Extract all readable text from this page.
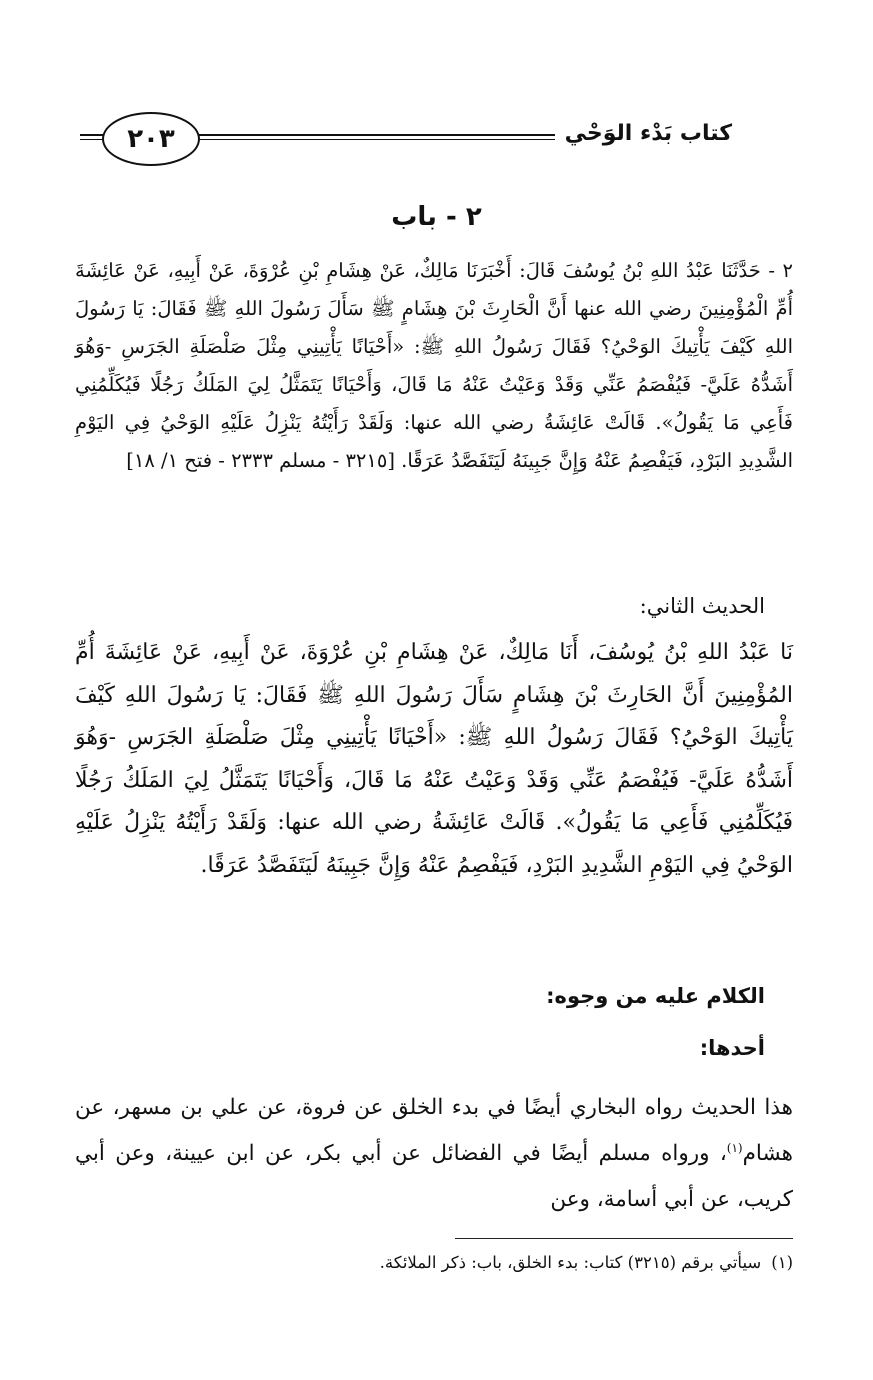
كتاب بَدْء الوَحْي
٢٠٣
٢ - باب
٢ - حَدَّثَنَا عَبْدُ اللهِ بْنُ يُوسُفَ قَالَ: أَخْبَرَنَا مَالِكٌ، عَنْ هِشَامِ بْنِ عُرْوَةَ، عَنْ أَبِيهِ، عَنْ عَائِشَةَ أُمِّ الْمُؤْمِنِينَ رضي الله عنها أَنَّ الْحَارِثَ بْنَ هِشَامٍ ﷺ سَأَلَ رَسُولَ اللهِ ﷺ فَقَالَ: يَا رَسُولَ اللهِ كَيْفَ يَأْتِيكَ الوَحْيُ؟ فَقَالَ رَسُولُ اللهِ ﷺ: «أَحْيَانًا يَأْتِينِي مِثْلَ صَلْصَلَةِ الجَرَسِ -وَهُوَ أَشَدُّهُ عَلَيَّ- فَيُفْصَمُ عَنِّي وَقَدْ وَعَيْتُ عَنْهُ مَا قَالَ، وَأَحْيَانًا يَتَمَثَّلُ لِيَ المَلَكُ رَجُلًا فَيُكَلِّمُنِي فَأَعِي مَا يَقُولُ». قَالَتْ عَائِشَةُ رضي الله عنها: وَلَقَدْ رَأَيْتُهُ يَنْزِلُ عَلَيْهِ الوَحْيُ فِي اليَوْمِ الشَّدِيدِ البَرْدِ، فَيَفْصِمُ عَنْهُ وَإِنَّ جَبِينَهُ لَيَتَفَصَّدُ عَرَقًا. [٣٢١٥ - مسلم ٢٣٣٣ - فتح ١/ ١٨]
الحديث الثاني:
نَا عَبْدُ اللهِ بْنُ يُوسُفَ، أَنَا مَالِكٌ، عَنْ هِشَامِ بْنِ عُرْوَةَ، عَنْ أَبِيهِ، عَنْ عَائِشَةَ أُمِّ المُؤْمِنِينَ أَنَّ الحَارِثَ بْنَ هِشَامٍ سَأَلَ رَسُولَ اللهِ ﷺ فَقَالَ: يَا رَسُولَ اللهِ كَيْفَ يَأْتِيكَ الوَحْيُ؟ فَقَالَ رَسُولُ اللهِ ﷺ: «أَحْيَانًا يَأْتِينِي مِثْلَ صَلْصَلَةِ الجَرَسِ -وَهُوَ أَشَدُّهُ عَلَيَّ- فَيُفْصَمُ عَنِّي وَقَدْ وَعَيْتُ عَنْهُ مَا قَالَ، وَأَحْيَانًا يَتَمَثَّلُ لِيَ المَلَكُ رَجُلًا فَيُكَلِّمُنِي فَأَعِي مَا يَقُولُ». قَالَتْ عَائِشَةُ رضي الله عنها: وَلَقَدْ رَأَيْتُهُ يَنْزِلُ عَلَيْهِ الوَحْيُ فِي اليَوْمِ الشَّدِيدِ البَرْدِ، فَيَفْصِمُ عَنْهُ وَإِنَّ جَبِينَهُ لَيَتَفَصَّدُ عَرَقًا.
الكلام عليه من وجوه:
أحدها:
هذا الحديث رواه البخاري أيضًا في بدء الخلق عن فروة، عن علي بن مسهر، عن هشام$^{(١)}$، ورواه مسلم أيضًا في الفضائل عن أبي بكر، عن ابن عيينة، وعن أبي كريب، عن أبي أسامة، وعن
(١)سيأتي برقم (٣٢١٥) كتاب: بدء الخلق، باب: ذكر الملائكة.
